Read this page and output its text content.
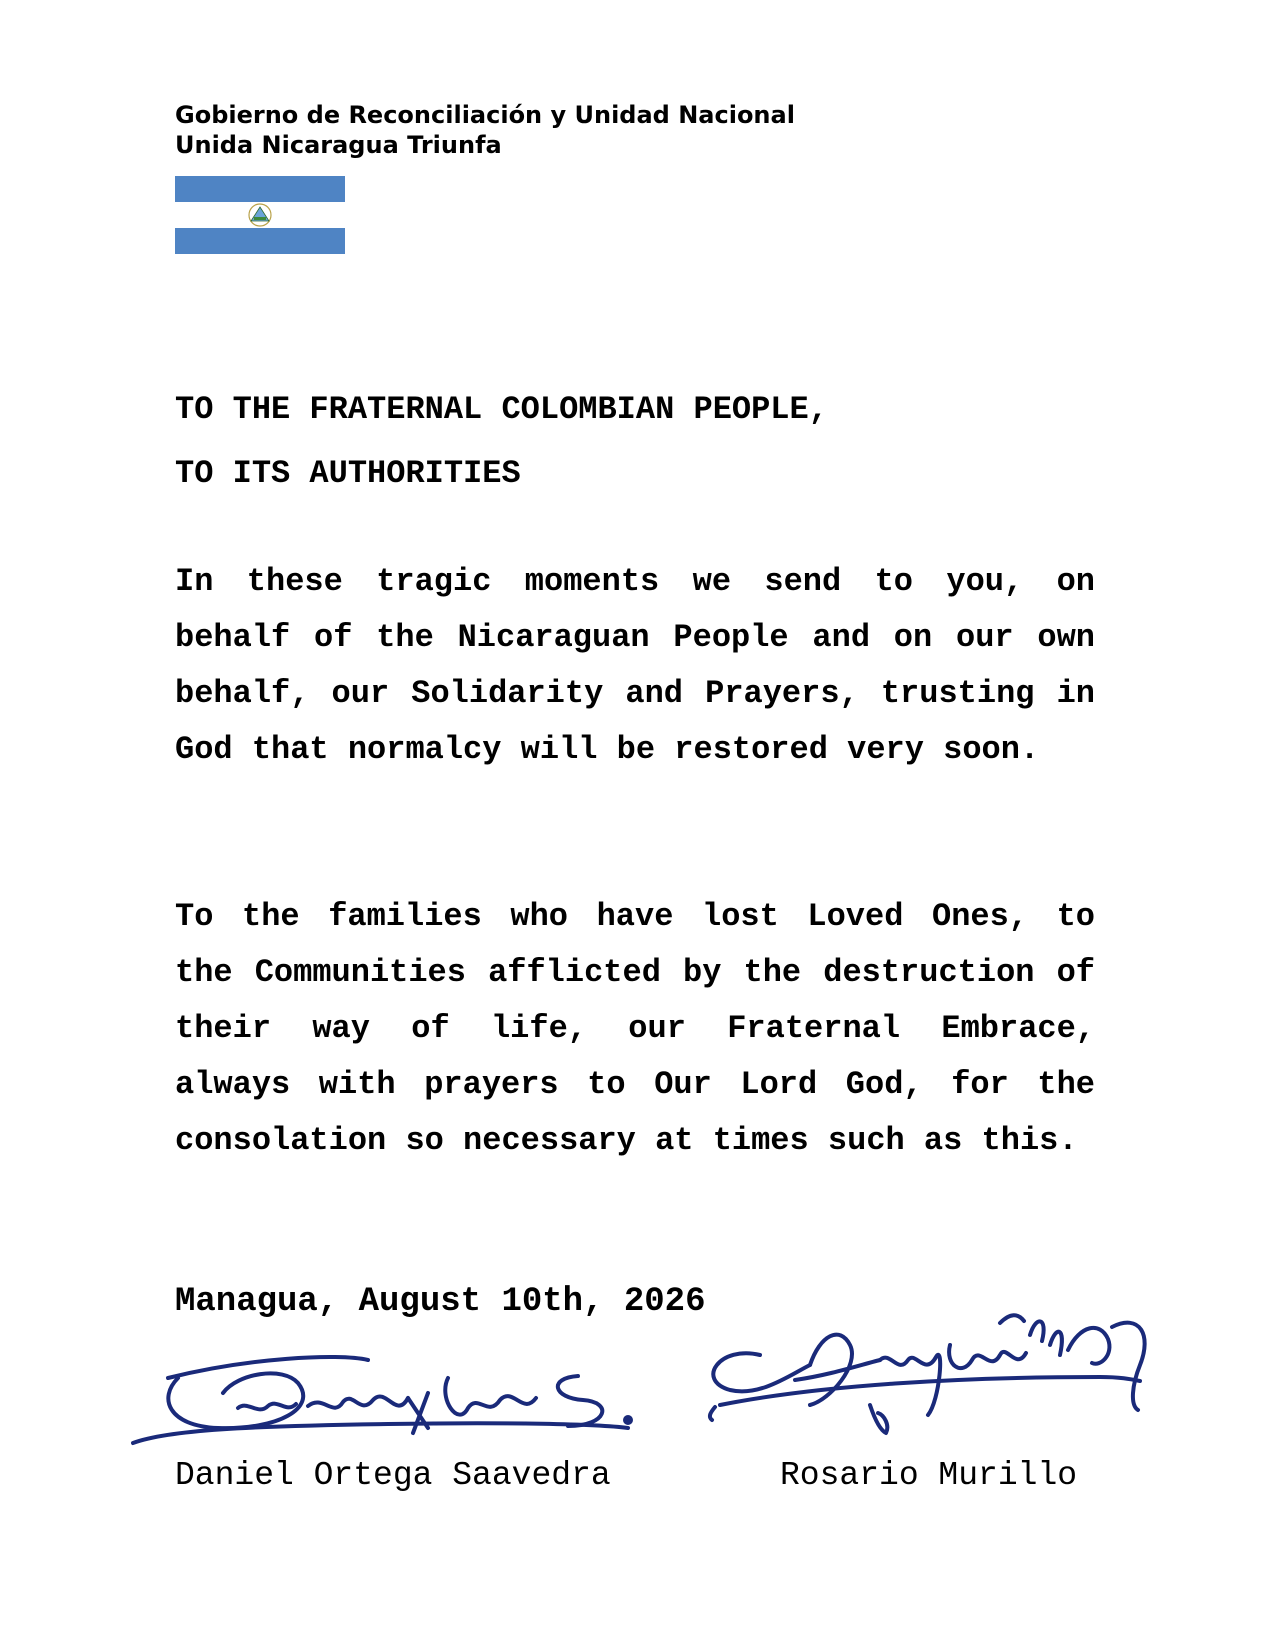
Gobierno de Reconciliación y Unidad Nacional
Unida Nicaragua Triunfa
TO THE FRATERNAL COLOMBIAN PEOPLE,
TO ITS AUTHORITIES
In these tragic moments we send to you, on behalf of the Nicaraguan People and on our own behalf, our Solidarity and Prayers, trusting in God that normalcy will be restored very soon.
To the families who have lost Loved Ones, to the Communities afflicted by the destruction of their way of life, our Fraternal Embrace, always with prayers to Our Lord God, for the consolation so necessary at times such as this.
Managua, August 10th, 2026
Daniel Ortega Saavedra	Rosario Murillo
